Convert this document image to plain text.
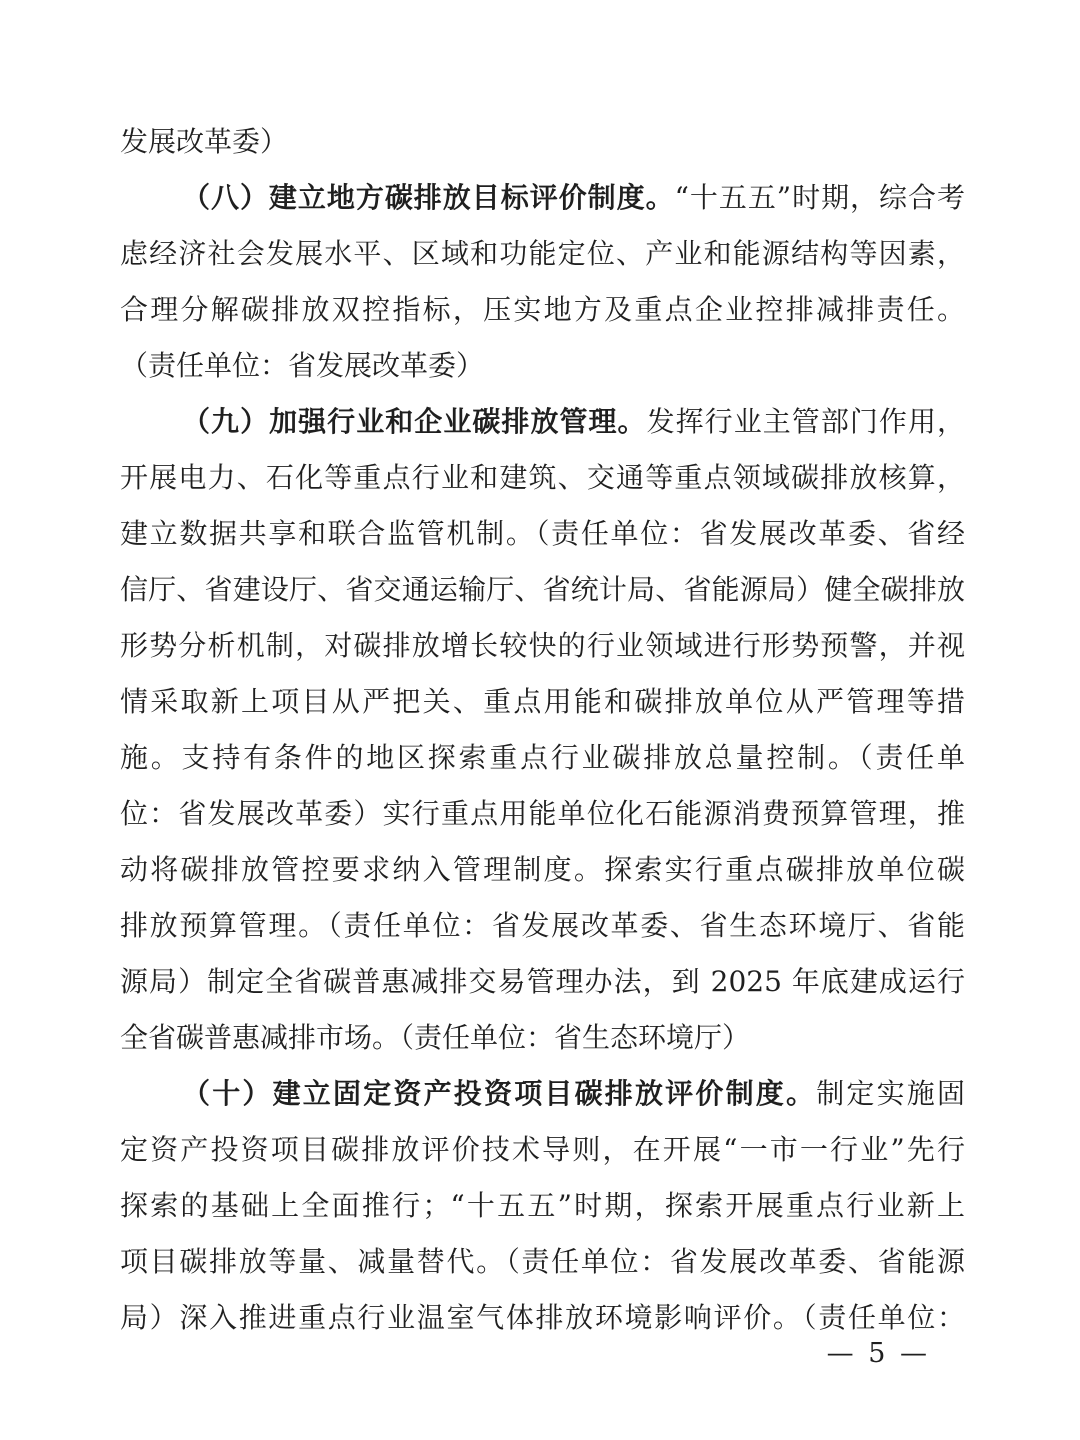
发展改革委）
（八）建立地方碳排放目标评价制度。“十五五”时期，综合考
虑经济社会发展水平、区域和功能定位、产业和能源结构等因素，
合理分解碳排放双控指标，压实地方及重点企业控排减排责任。
（责任单位：省发展改革委）
（九）加强行业和企业碳排放管理。发挥行业主管部门作用，
开展电力、石化等重点行业和建筑、交通等重点领域碳排放核算，
建立数据共享和联合监管机制。（责任单位：省发展改革委、省经
信厅、省建设厅、省交通运输厅、省统计局、省能源局）健全碳排放
形势分析机制，对碳排放增长较快的行业领域进行形势预警，并视
情采取新上项目从严把关、重点用能和碳排放单位从严管理等措
施。支持有条件的地区探索重点行业碳排放总量控制。（责任单
位：省发展改革委）实行重点用能单位化石能源消费预算管理，推
动将碳排放管控要求纳入管理制度。探索实行重点碳排放单位碳
排放预算管理。（责任单位：省发展改革委、省生态环境厅、省能
源局）制定全省碳普惠减排交易管理办法，到 2025 年底建成运行
全省碳普惠减排市场。（责任单位：省生态环境厅）
（十）建立固定资产投资项目碳排放评价制度。制定实施固
定资产投资项目碳排放评价技术导则，在开展“一市一行业”先行
探索的基础上全面推行；“十五五”时期，探索开展重点行业新上
项目碳排放等量、减量替代。（责任单位：省发展改革委、省能源
局）深入推进重点行业温室气体排放环境影响评价。（责任单位：
— 5 —
